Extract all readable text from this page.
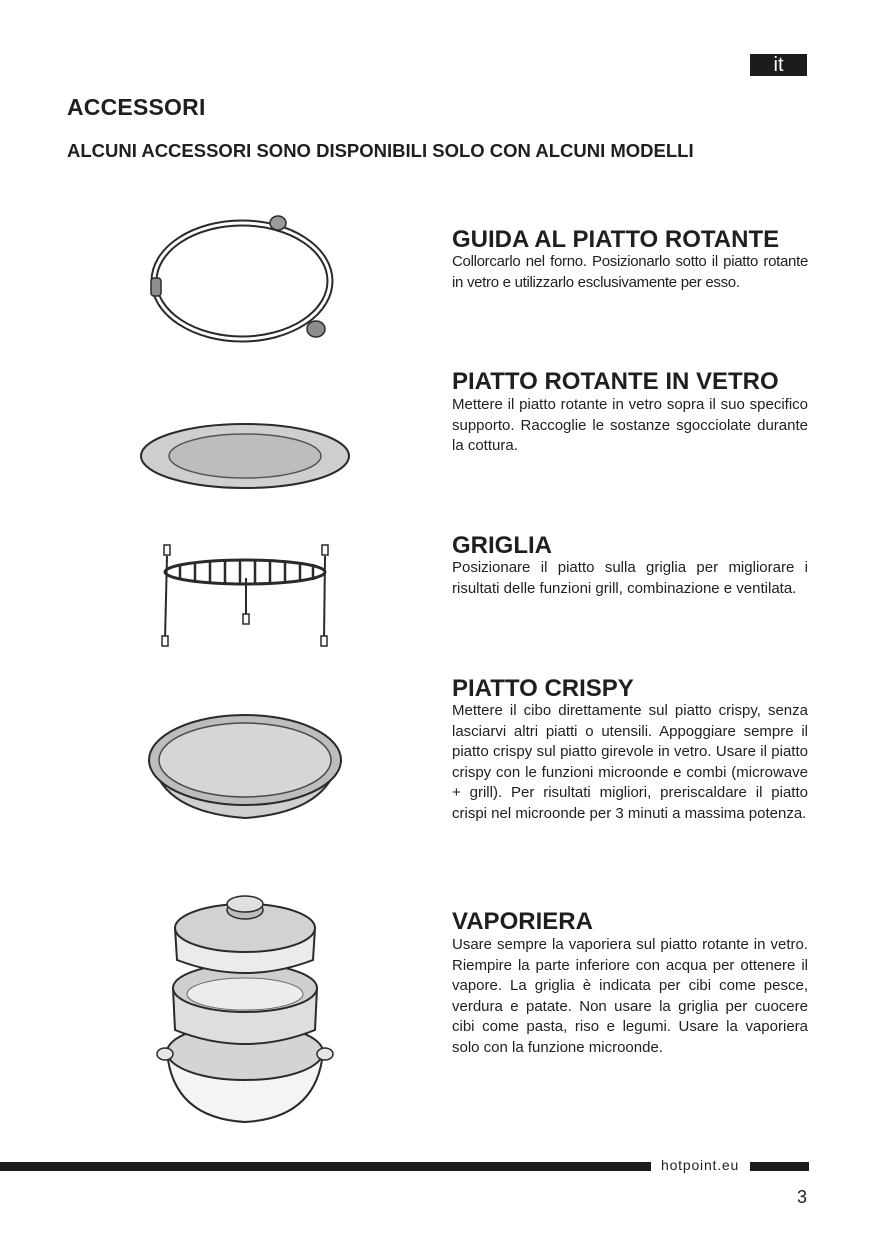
it
ACCESSORI
ALCUNI ACCESSORI SONO DISPONIBILI SOLO CON ALCUNI MODELLI
GUIDA AL PIATTO ROTANTE

Collorcarlo nel forno. Posizionarlo sotto il piatto rotante in vetro e utilizzarlo esclusivamente per esso.

PIATTO ROTANTE IN VETRO

Mettere il piatto rotante in vetro sopra il suo specifico supporto. Raccoglie le sostanze sgocciolate durante la cottura.

GRIGLIA

Posizionare il piatto sulla griglia per migliorare i risultati delle funzioni grill, combinazione e ventilata.

PIATTO CRISPY

Mettere il cibo direttamente sul piatto crispy, senza lasciarvi altri piatti o utensili. Appoggiare sempre il piatto crispy sul piatto girevole in vetro. Usare il piatto crispy con le funzioni microonde e combi (microwave + grill). Per risultati migliori, preriscaldare il piatto crispi nel microonde per 3 minuti a massima potenza.

VAPORIERA

Usare sempre la vaporiera sul piatto rotante in vetro. Riempire la parte inferiore con acqua per ottenere il vapore. La griglia è indicata per cibi come pesce, verdura e patate. Non usare la griglia per cuocere cibi come pasta, riso e legumi. Usare la vaporiera solo con la funzione microonde.

hotpoint.eu
3
